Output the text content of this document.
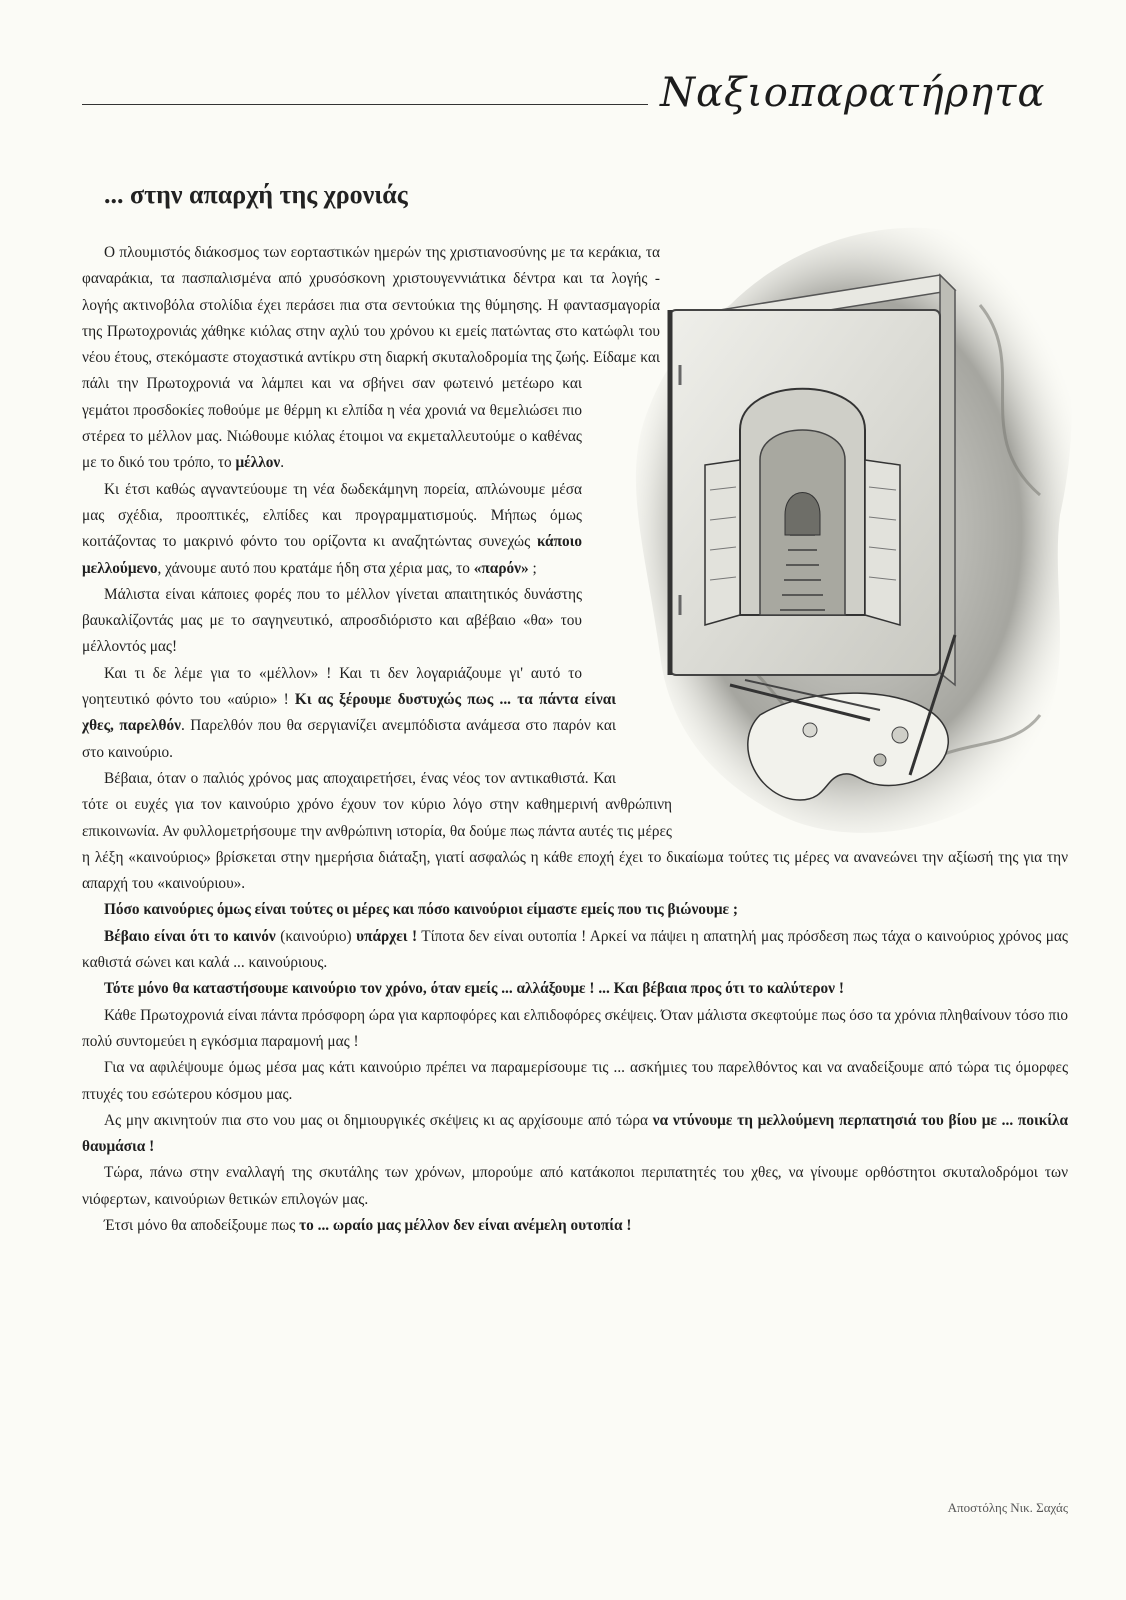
Ναξιοπαρατήρητα
... στην απαρχή της χρονιάς

Ο πλουμιστός διάκοσμος των εορταστικών ημερών της χριστιανοσύνης με τα κεράκια, τα φαναράκια, τα πασπαλισμένα από χρυσόσκονη χριστουγεννιάτικα δέντρα και τα λογής - λογής ακτινοβόλα στολίδια έχει περάσει πια στα σεντούκια της θύμησης. Η φαντασμαγορία της Πρωτοχρονιάς χάθηκε κιόλας στην αχλύ του χρόνου κι εμείς πατώντας στο κατώφλι του νέου έτους, στεκόμαστε στοχαστικά αντίκρυ στη διαρκή σκυταλοδρομία της ζωής. Είδαμε και πάλι την Πρωτοχρονιά να λάμπει και να σβήνει σαν φωτεινό μετέωρο και γεμάτοι προσδοκίες ποθούμε με θέρμη κι ελπίδα η νέα χρονιά να θεμελιώσει πιο στέρεα το μέλλον μας. Νιώθουμε κιόλας έτοιμοι να εκμεταλλευτούμε ο καθένας με το δικό του τρόπο, το μέλλον.

Κι έτσι καθώς αγναντεύουμε τη νέα δωδεκάμηνη πορεία, απλώνουμε μέσα μας σχέδια, προοπτικές, ελπίδες και προγραμματισμούς. Μήπως όμως κοιτάζοντας το μακρινό φόντο του ορίζοντα κι αναζητώντας συνεχώς κάποιο μελλούμενο, χάνουμε αυτό που κρατάμε ήδη στα χέρια μας, το «παρόν» ;

Μάλιστα είναι κάποιες φορές που το μέλλον γίνεται απαιτητικός δυνάστης βαυκαλίζοντάς μας με το σαγηνευτικό, απροσδιόριστο και αβέβαιο «θα» του μέλλοντός μας!

Και τι δε λέμε για το «μέλλον» ! Και τι δεν λογαριάζουμε γι' αυτό το γοητευτικό φόντο του «αύριο» ! Κι ας ξέρουμε δυστυχώς πως ... τα πάντα είναι χθες, παρελθόν. Παρελθόν που θα σεργιανίζει ανεμπόδιστα ανάμεσα στο παρόν και στο καινούριο.

Βέβαια, όταν ο παλιός χρόνος μας αποχαιρετήσει, ένας νέος τον αντικαθιστά. Και τότε οι ευχές για τον καινούριο χρόνο έχουν τον κύριο λόγο στην καθημερινή ανθρώπινη επικοινωνία. Αν φυλλομετρήσουμε την ανθρώπινη ιστορία, θα δούμε πως πάντα αυτές τις μέρες η λέξη «καινούριος» βρίσκεται στην ημερήσια διάταξη, γιατί ασφαλώς η κάθε εποχή έχει το δικαίωμα τούτες τις μέρες να ανανεώνει την αξίωσή της για την απαρχή του «καινούριου».

Πόσο καινούριες όμως είναι τούτες οι μέρες και πόσο καινούριοι είμαστε εμείς που τις βιώνουμε ;

Βέβαιο είναι ότι το καινόν (καινούριο) υπάρχει ! Τίποτα δεν είναι ουτοπία ! Αρκεί να πάψει η απατηλή μας πρόσδεση πως τάχα ο καινούριος χρόνος μας καθιστά σώνει και καλά ... καινούριους.

Τότε μόνο θα καταστήσουμε καινούριο τον χρόνο, όταν εμείς ... αλλάξουμε ! ... Και βέβαια προς ότι το καλύτερον !

Κάθε Πρωτοχρονιά είναι πάντα πρόσφορη ώρα για καρποφόρες και ελπιδοφόρες σκέψεις. Όταν μάλιστα σκεφτούμε πως όσο τα χρόνια πληθαίνουν τόσο πιο πολύ συντομεύει η εγκόσμια παραμονή μας !

Για να αφιλέψουμε όμως μέσα μας κάτι καινούριο πρέπει να παραμερίσουμε τις ... ασκήμιες του παρελθόντος και να αναδείξουμε από τώρα τις όμορφες πτυχές του εσώτερου κόσμου μας.

Ας μην ακινητούν πια στο νου μας οι δημιουργικές σκέψεις κι ας αρχίσουμε από τώρα να ντύνουμε τη μελλούμενη περπατησιά του βίου με ... ποικίλα θαυμάσια !

Τώρα, πάνω στην εναλλαγή της σκυτάλης των χρόνων, μπορούμε από κατάκοποι περιπατητές του χθες, να γίνουμε ορθόστητοι σκυταλοδρόμοι των νιόφερτων, καινούριων θετικών επιλογών μας.

Έτσι μόνο θα αποδείξουμε πως το ... ωραίο μας μέλλον δεν είναι ανέμελη ουτοπία !

Αποστόλης Νικ. Σαχάς
